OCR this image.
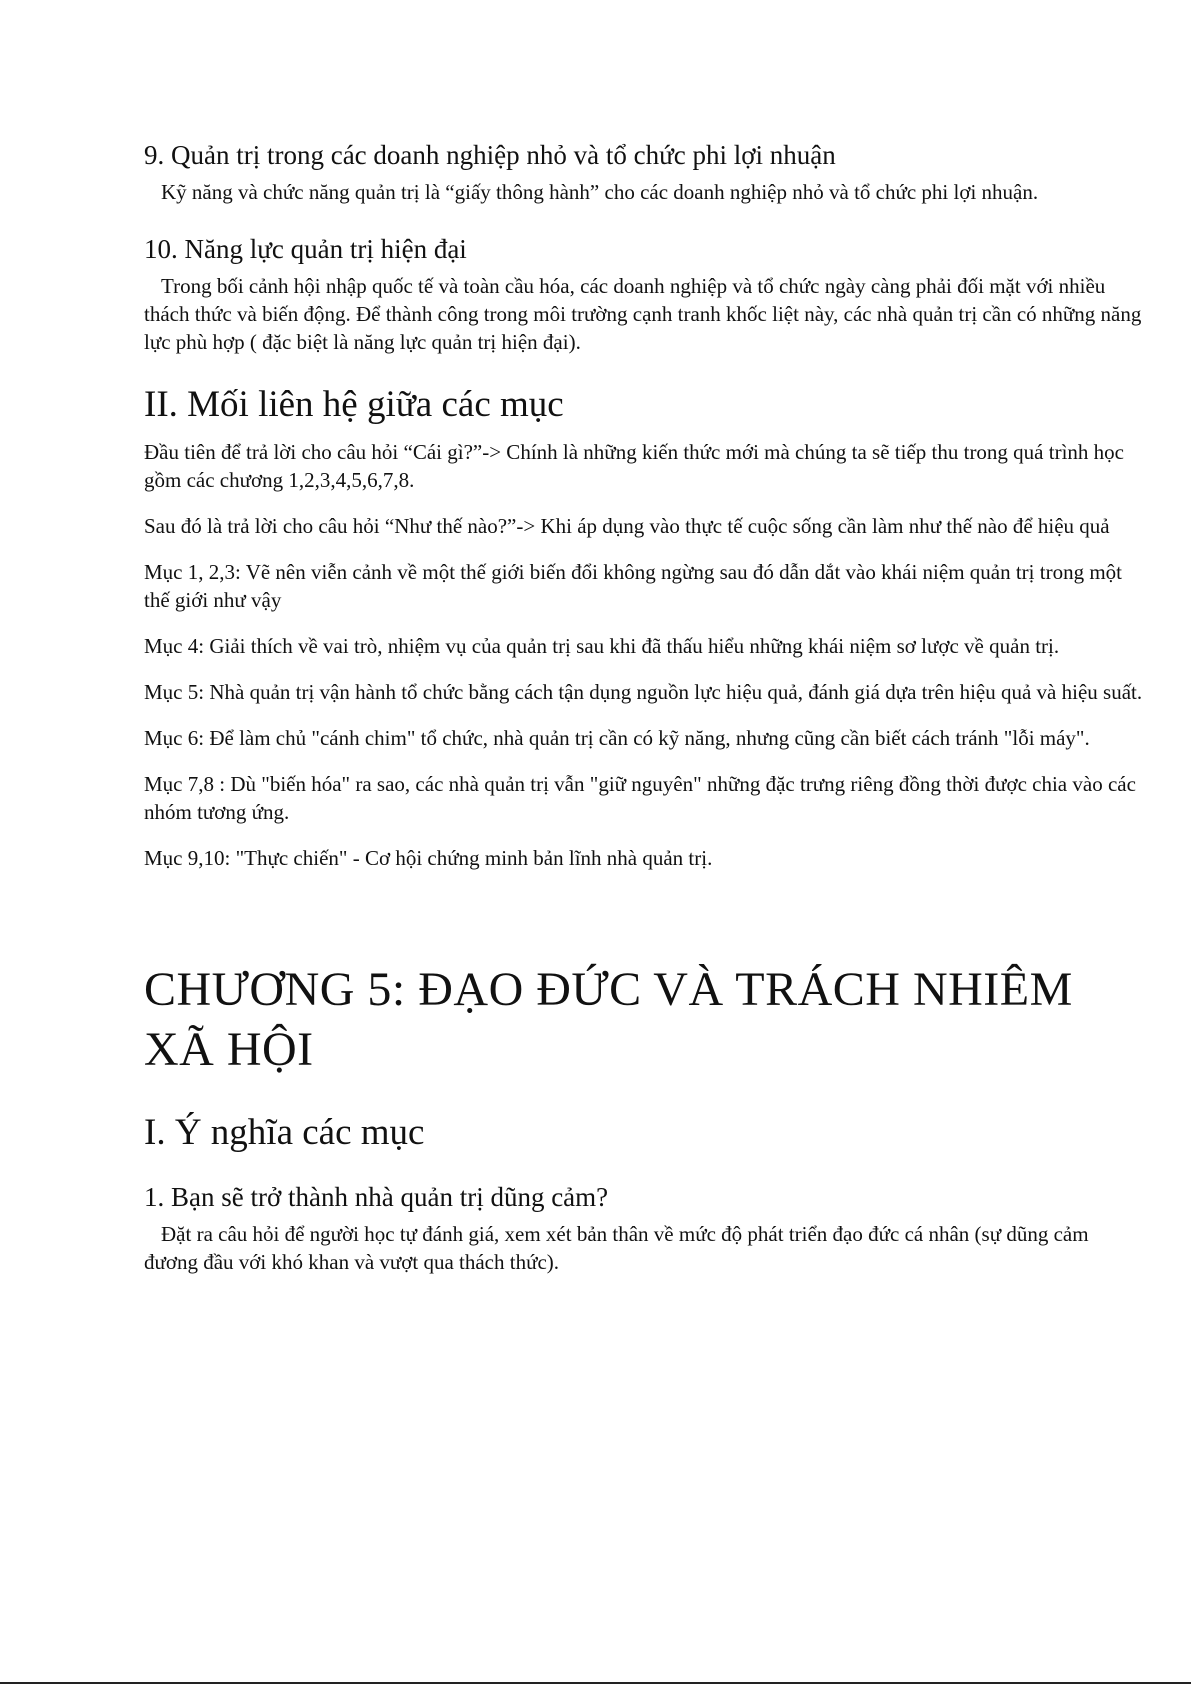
9. Quản trị trong các doanh nghiệp nhỏ và tổ chức phi lợi nhuận

Kỹ năng và chức năng quản trị là “giấy thông hành” cho các doanh nghiệp nhỏ và tổ chức phi lợi nhuận.

10. Năng lực quản trị hiện đại

Trong bối cảnh hội nhập quốc tế và toàn cầu hóa, các doanh nghiệp và tổ chức ngày càng phải đối mặt với nhiều thách thức và biến động. Để thành công trong môi trường cạnh tranh khốc liệt này, các nhà quản trị cần có những năng lực phù hợp ( đặc biệt là năng lực quản trị hiện đại).

II. Mối liên hệ giữa các mục

Đầu tiên để trả lời cho câu hỏi “Cái gì?”-> Chính là những kiến thức mới mà chúng ta sẽ tiếp thu trong quá trình học gồm các chương 1,2,3,4,5,6,7,8.

Sau đó là trả lời cho câu hỏi “Như thế nào?”-> Khi áp dụng vào thực tế cuộc sống cần làm như thế nào để hiệu quả

Mục 1, 2,3: Vẽ nên viễn cảnh về một thế giới biến đổi không ngừng sau đó dẫn dắt vào khái niệm quản trị trong một thế giới như vậy

Mục 4: Giải thích về vai trò, nhiệm vụ của quản trị sau khi đã thấu hiểu những khái niệm sơ lược về quản trị.

Mục 5: Nhà quản trị vận hành tổ chức bằng cách tận dụng nguồn lực hiệu quả, đánh giá dựa trên hiệu quả và hiệu suất.

Mục 6: Để làm chủ "cánh chim" tổ chức, nhà quản trị cần có kỹ năng, nhưng cũng cần biết cách tránh "lỗi máy".

Mục 7,8 : Dù "biến hóa" ra sao, các nhà quản trị vẫn "giữ nguyên" những đặc trưng riêng đồng thời được chia vào các nhóm tương ứng.

Mục 9,10: "Thực chiến" - Cơ hội chứng minh bản lĩnh nhà quản trị.

CHƯƠNG 5: ĐẠO ĐỨC VÀ TRÁCH NHIÊM XÃ HỘI
I. Ý nghĩa các mục
1. Bạn sẽ trở thành nhà quản trị dũng cảm?

Đặt ra câu hỏi để người học tự đánh giá, xem xét bản thân về mức độ phát triển đạo đức cá nhân (sự dũng cảm đương đầu với khó khan và vượt qua thách thức).
